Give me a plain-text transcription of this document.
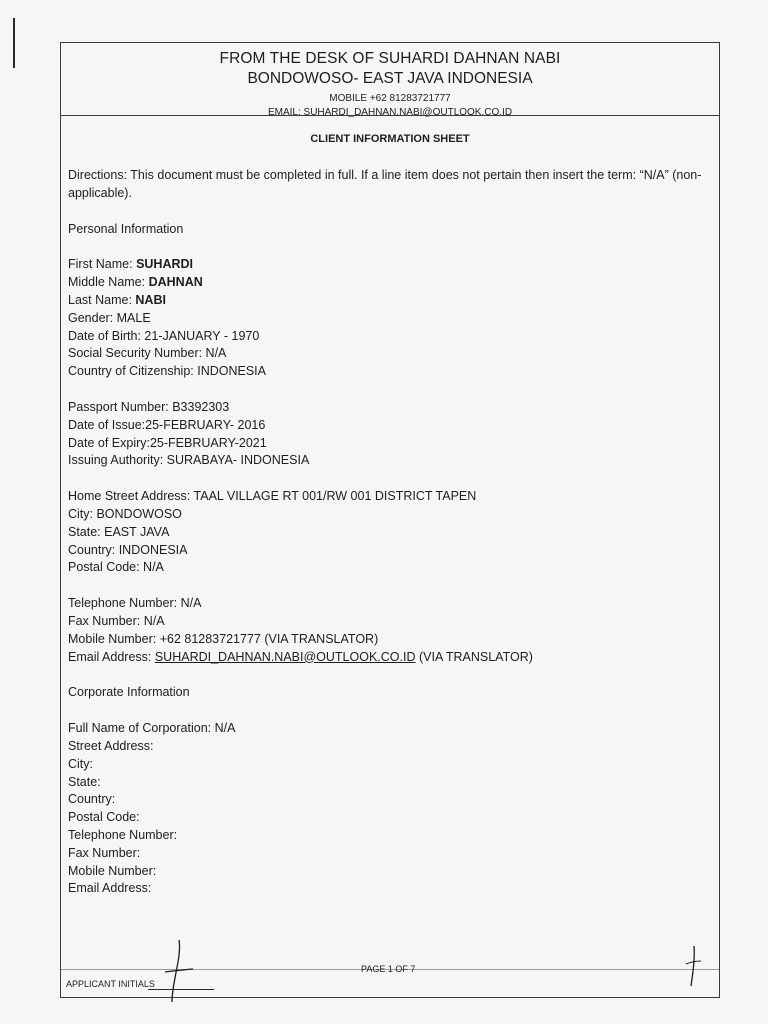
FROM THE DESK OF SUHARDI DAHNAN NABI
BONDOWOSO- EAST JAVA INDONESIA
MOBILE +62 81283721777
EMAIL: SUHARDI_DAHNAN.NABI@OUTLOOK.CO.ID
CLIENT INFORMATION SHEET

Directions: This document must be completed in full. If a line item does not pertain then insert the term: “N/A” (non-applicable).

Personal Information

First Name: SUHARDI

Middle Name: DAHNAN

Last Name: NABI

Gender: MALE

Date of Birth: 21-JANUARY - 1970

Social Security Number: N/A

Country of Citizenship: INDONESIA

Passport Number: B3392303

Date of Issue:25-FEBRUARY- 2016

Date of Expiry:25-FEBRUARY-2021

Issuing Authority: SURABAYA- INDONESIA

Home Street Address: TAAL VILLAGE RT 001/RW 001 DISTRICT TAPEN

City: BONDOWOSO

State: EAST JAVA

Country: INDONESIA

Postal Code: N/A

Telephone Number: N/A

Fax Number: N/A

Mobile Number: +62 81283721777 (VIA TRANSLATOR)

Email Address: SUHARDI_DAHNAN.NABI@OUTLOOK.CO.ID (VIA TRANSLATOR)

Corporate Information

Full Name of Corporation: N/A

Street Address:

City:

State:

Country:

Postal Code:

Telephone Number:

Fax Number:

Mobile Number:

Email Address:

PAGE 1 OF 7
APPLICANT INITIALS
